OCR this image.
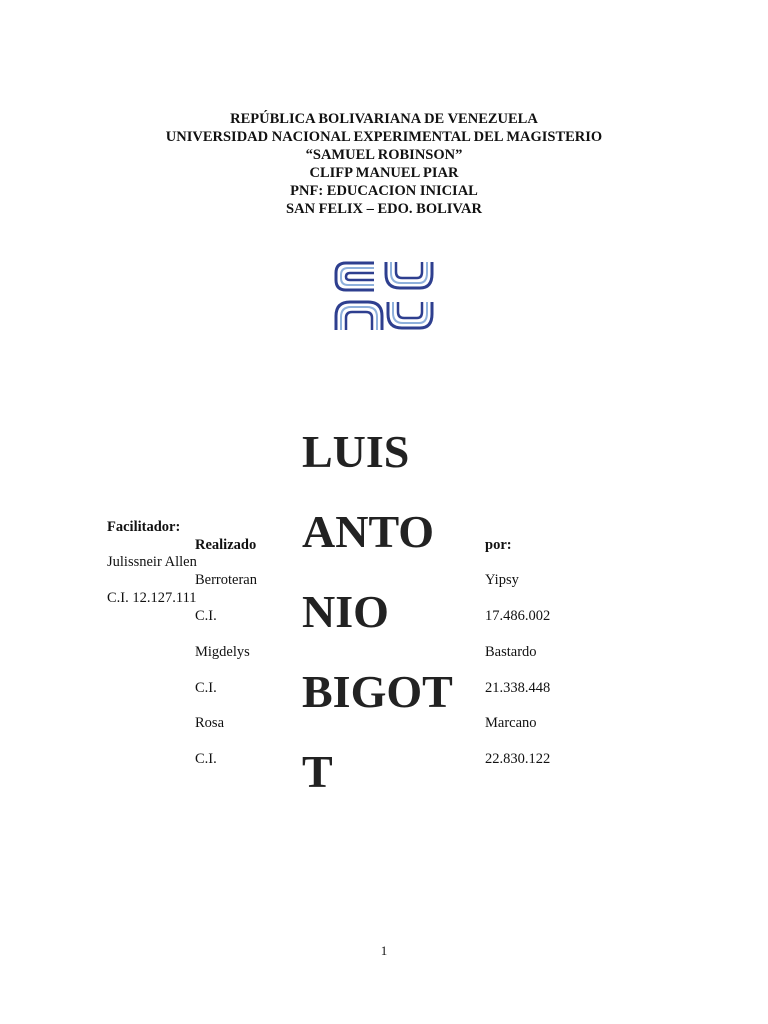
REPÚBLICA BOLIVARIANA DE VENEZUELA
UNIVERSIDAD NACIONAL EXPERIMENTAL DEL MAGISTERIO
“SAMUEL ROBINSON”
CLIFP MANUEL PIAR
PNF: EDUCACION INICIAL
SAN FELIX – EDO. BOLIVAR
Facilitador:
Julissneir Allen
C.I. 12.127.111
Realizado	por:
Berroteran
C.I.
Migdelys
C.I.
Rosa
C.I.
Yipsy
17.486.002
Bastardo
21.338.448
Marcano
22.830.122
LUIS
ANTO
NIO
BIGOT
T
1
